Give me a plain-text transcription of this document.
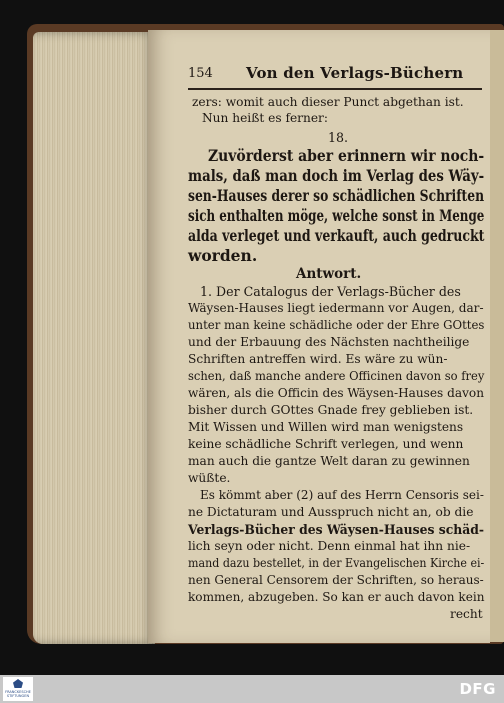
154 Von den Verlags-Büchern
zers: womit auch dieser Punct abgethan ist.
Nun heißt es ferner:
18.
Zuvörderst aber erinnern wir noch-
mals, daß man doch im Verlag des Wäy-
sen-Hauses derer so schädlichen Schriften
sich enthalten möge, welche sonst in Menge
alda verleget und verkauft, auch gedruckt
worden.
Antwort.
1. Der Catalogus der Verlags-Bücher des
Wäysen-Hauses liegt iedermann vor Augen, dar-
unter man keine schädliche oder der Ehre GOttes
und der Erbauung des Nächsten nachtheilige
Schriften antreffen wird. Es wäre zu wün-
schen, daß manche andere Officinen davon so frey
wären, als die Officin des Wäysen-Hauses davon
bisher durch GOttes Gnade frey geblieben ist.
Mit Wissen und Willen wird man wenigstens
keine schädliche Schrift verlegen, und wenn
man auch die gantze Welt daran zu gewinnen
wüßte.
Es kömmt aber (2) auf des Herrn Censoris sei-
ne Dictaturam und Ausspruch nicht an, ob die
Verlags-Bücher des Wäysen-Hauses schäd-
lich seyn oder nicht. Denn einmal hat ihn nie-
mand dazu bestellet, in der Evangelischen Kirche ei-
nen General Censorem der Schriften, so heraus-
kommen, abzugeben. So kan er auch davon kein
recht
FRANCKESCHE STIFTUNGEN	DFG
